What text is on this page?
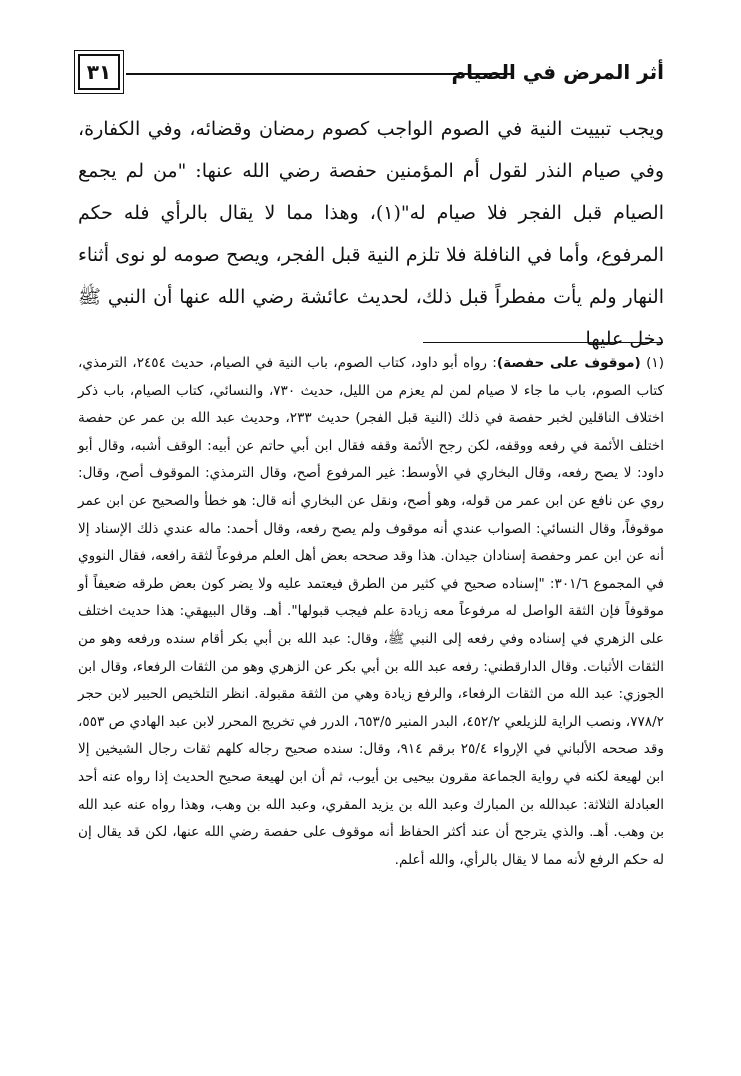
أثر المرض في الصيام
٣١

ويجب تبييت النية في الصوم الواجب كصوم رمضان وقضائه، وفي الكفارة، وفي صيام النذر لقول أم المؤمنين حفصة رضي الله عنها: "من لم يجمع الصيام قبل الفجر فلا صيام له"(١)، وهذا مما لا يقال بالرأي فله حكم المرفوع، وأما في النافلة فلا تلزم النية قبل الفجر، ويصح صومه لو نوى أثناء النهار ولم يأت مفطراً قبل ذلك، لحديث عائشة رضي الله عنها أن النبي ﷺ دخل عليها

(١) (موقوف على حفصة): رواه أبو داود، كتاب الصوم، باب النية في الصيام، حديث ٢٤٥٤، الترمذي، كتاب الصوم، باب ما جاء لا صيام لمن لم يعزم من الليل، حديث ٧٣٠، والنسائي، كتاب الصيام، باب ذكر اختلاف الناقلين لخبر حفصة في ذلك (النية قبل الفجر) حديث ٢٣٣، وحديث عبد الله بن عمر عن حفصة اختلف الأئمة في رفعه ووقفه، لكن رجح الأئمة وقفه فقال ابن أبي حاتم عن أبيه: الوقف أشبه، وقال أبو داود: لا يصح رفعه، وقال البخاري في الأوسط: غير المرفوع أصح، وقال الترمذي: الموقوف أصح، وقال: روي عن نافع عن ابن عمر من قوله، وهو أصح، ونقل عن البخاري أنه قال: هو خطأ والصحيح عن ابن عمر موقوفاً، وقال النسائي: الصواب عندي أنه موقوف ولم يصح رفعه، وقال أحمد: ماله عندي ذلك الإسناد إلا أنه عن ابن عمر وحفصة إسنادان جيدان. هذا وقد صححه بعض أهل العلم مرفوعاً لثقة رافعه، فقال النووي في المجموع ٣٠١/٦: "إسناده صحيح في كثير من الطرق فيعتمد عليه ولا يضر كون بعض طرقه ضعيفاً أو موقوفاً فإن الثقة الواصل له مرفوعاً معه زيادة علم فيجب قبولها". أهـ. وقال البيهقي: هذا حديث اختلف على الزهري في إسناده وفي رفعه إلى النبي ﷺ، وقال: عبد الله بن أبي بكر أقام سنده ورفعه وهو من الثقات الأثبات. وقال الدارقطني: رفعه عبد الله بن أبي بكر عن الزهري وهو من الثقات الرفعاء، وقال ابن الجوزي: عبد الله من الثقات الرفعاء، والرفع زيادة وهي من الثقة مقبولة. انظر التلخيص الحبير لابن حجر ٧٧٨/٢، ونصب الراية للزيلعي ٤٥٢/٢، البدر المنير ٦٥٣/٥، الدرر في تخريج المحرر لابن عبد الهادي ص ٥٥٣، وقد صححه الألباني في الإرواء ٢٥/٤ برقم ٩١٤، وقال: سنده صحيح رجاله كلهم ثقات رجال الشيخين إلا ابن لهيعة لكنه في رواية الجماعة مقرون بيحيى بن أيوب، ثم أن ابن لهيعة صحيح الحديث إذا رواه عنه أحد العبادلة الثلاثة: عبدالله بن المبارك وعبد الله بن يزيد المقري، وعبد الله بن وهب، وهذا رواه عنه عبد الله بن وهب. أهـ. والذي يترجح أن عند أكثر الحفاظ أنه موقوف على حفصة رضي الله عنها، لكن قد يقال إن له حكم الرفع لأنه مما لا يقال بالرأي، والله أعلم.
